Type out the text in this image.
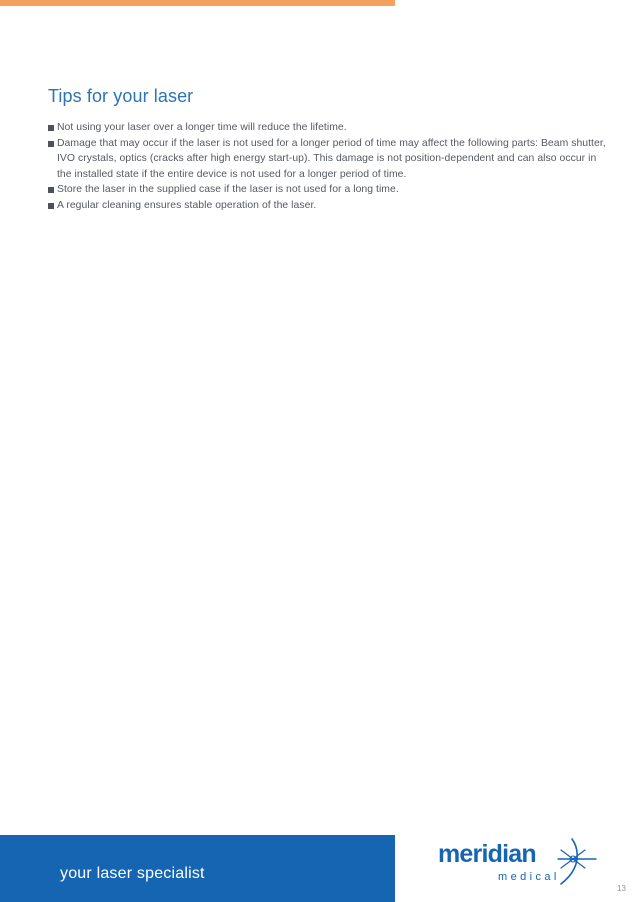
Tips for your laser
Not using your laser over a longer time will reduce the lifetime.
Damage that may occur if the laser is not used for a longer period of time may affect the following parts: Beam shutter, IVO crystals, optics (cracks after high energy start-up). This damage is not position-dependent and can also occur in the installed state if the entire device is not used for a longer period of time.
Store the laser in the supplied case if the laser is not used for a long time.
A regular cleaning ensures stable operation of the laser.
your laser specialist
meridian
medical
13
